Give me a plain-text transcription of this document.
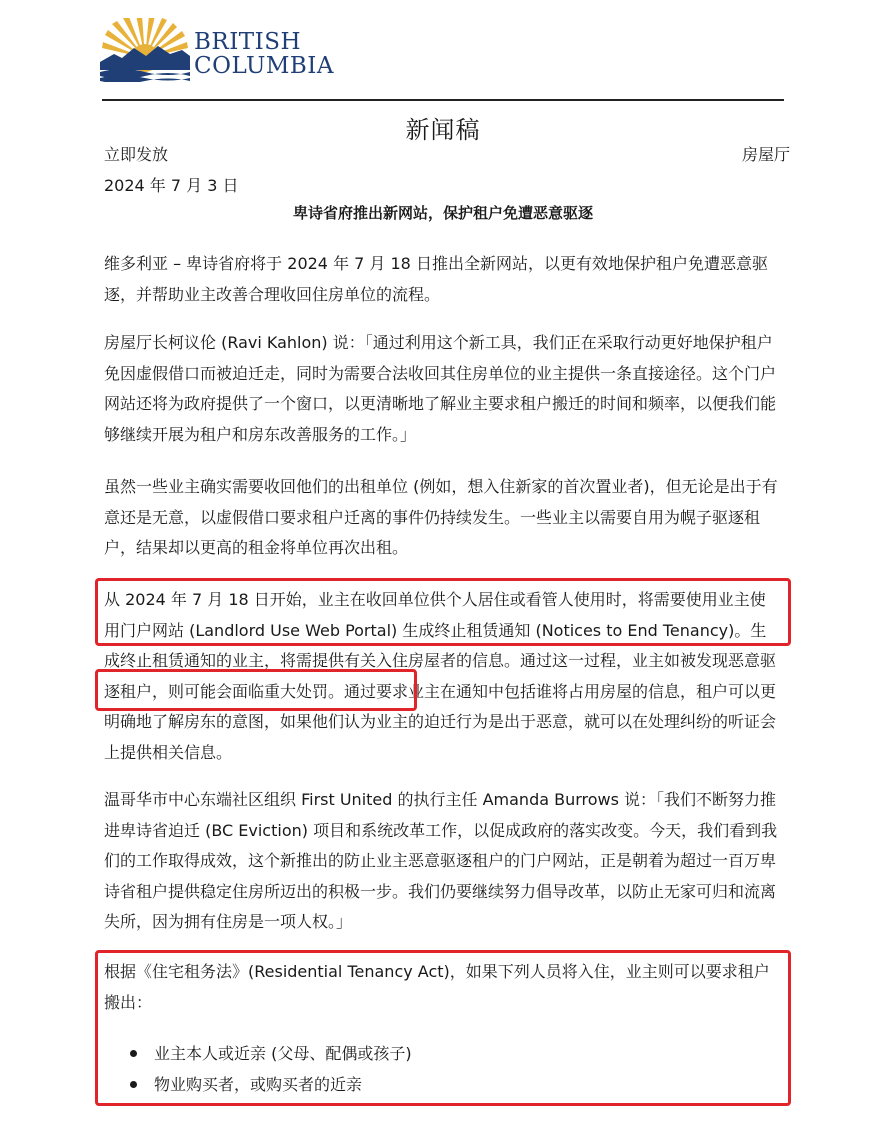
BRITISH
COLUMBIA
新闻稿
立即发放	房屋厅
2024 年 7 月 3 日
卑诗省府推出新网站，保护租户免遭恶意驱逐

维多利亚 – 卑诗省府将于 2024 年 7 月 18 日推出全新网站，以更有效地保护租户免遭恶意驱逐，并帮助业主改善合理收回住房单位的流程。

房屋厅长柯议伦 (Ravi Kahlon) 说：「通过利用这个新工具，我们正在采取行动更好地保护租户免因虚假借口而被迫迁走，同时为需要合法收回其住房单位的业主提供一条直接途径。这个门户网站还将为政府提供了一个窗口，以更清晰地了解业主要求租户搬迁的时间和频率，以便我们能够继续开展为租户和房东改善服务的工作。」

虽然一些业主确实需要收回他们的出租单位 (例如，想入住新家的首次置业者)，但无论是出于有意还是无意，以虚假借口要求租户迁离的事件仍持续发生。一些业主以需要自用为幌子驱逐租户，结果却以更高的租金将单位再次出租。

从 2024 年 7 月 18 日开始，业主在收回单位供个人居住或看管人使用时，将需要使用业主使用门户网站 (Landlord Use Web Portal) 生成终止租赁通知 (Notices to End Tenancy)。生成终止租赁通知的业主，将需提供有关入住房屋者的信息。通过这一过程，业主如被发现恶意驱逐租户，则可能会面临重大处罚。通过要求业主在通知中包括谁将占用房屋的信息，租户可以更明确地了解房东的意图，如果他们认为业主的迫迁行为是出于恶意，就可以在处理纠纷的听证会上提供相关信息。

温哥华市中心东端社区组织 First United 的执行主任 Amanda Burrows 说：「我们不断努力推进卑诗省迫迁 (BC Eviction) 项目和系统改革工作，以促成政府的落实改变。今天，我们看到我们的工作取得成效，这个新推出的防止业主恶意驱逐租户的门户网站，正是朝着为超过一百万卑诗省租户提供稳定住房所迈出的积极一步。我们仍要继续努力倡导改革，以防止无家可归和流离失所，因为拥有住房是一项人权。」

根据《住宅租务法》(Residential Tenancy Act)，如果下列人员将入住，业主则可以要求租户搬出：

业主本人或近亲 (父母、配偶或孩子)
物业购买者，或购买者的近亲
